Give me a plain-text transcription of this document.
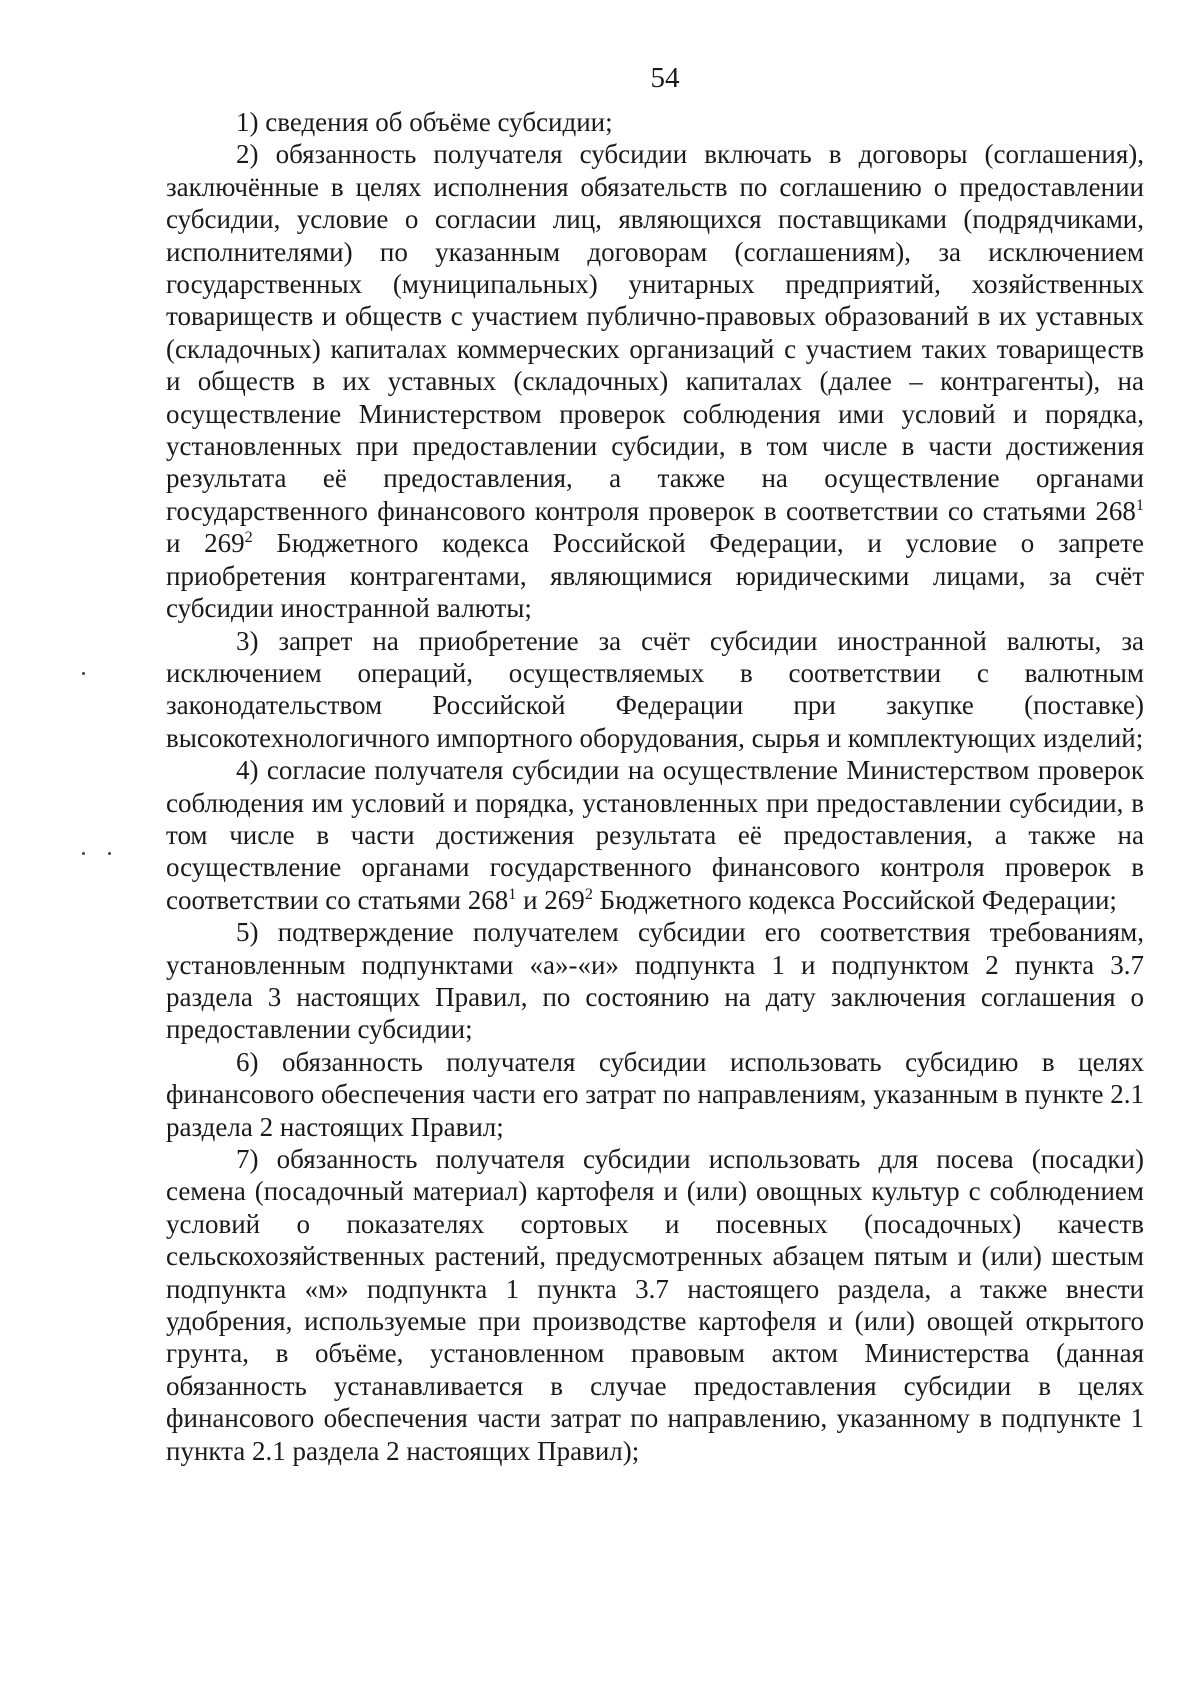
54

1) сведения об объёме субсидии;

2) обязанность получателя субсидии включать в договоры (соглашения), заключённые в целях исполнения обязательств по соглашению о предоставлении субсидии, условие о согласии лиц, являющихся поставщиками (подрядчиками, исполнителями) по указанным договорам (соглашениям), за исключением государственных (муниципальных) унитарных предприятий, хозяйственных товариществ и обществ с участием публично-правовых образований в их уставных (складочных) капиталах коммерческих организаций с участием таких товариществ и обществ в их уставных (складочных) капиталах (далее – контрагенты), на осуществление Министерством проверок соблюдения ими условий и порядка, установленных при предоставлении субсидии, в том числе в части достижения результата её предоставления, а также на осуществление органами государственного финансового контроля проверок в соответствии со статьями $268^1$ и $269^2$ Бюджетного кодекса Российской Федерации, и условие о запрете приобретения контрагентами, являющимися юридическими лицами, за счёт субсидии иностранной валюты;

3) запрет на приобретение за счёт субсидии иностранной валюты, за исключением операций, осуществляемых в соответствии с валютным законодательством Российской Федерации при закупке (поставке) высокотехнологичного импортного оборудования, сырья и комплектующих изделий;

4) согласие получателя субсидии на осуществление Министерством проверок соблюдения им условий и порядка, установленных при предоставлении субсидии, в том числе в части достижения результата её предоставления, а также на осуществление органами государственного финансового контроля проверок в соответствии со статьями $268^1$ и $269^2$ Бюджетного кодекса Российской Федерации;

5) подтверждение получателем субсидии его соответствия требованиям, установленным подпунктами «а»-«и» подпункта 1 и подпунктом 2 пункта 3.7 раздела 3 настоящих Правил, по состоянию на дату заключения соглашения о предоставлении субсидии;

6) обязанность получателя субсидии использовать субсидию в целях финансового обеспечения части его затрат по направлениям, указанным в пункте 2.1 раздела 2 настоящих Правил;

7) обязанность получателя субсидии использовать для посева (посадки) семена (посадочный материал) картофеля и (или) овощных культур с соблюдением условий о показателях сортовых и посевных (посадочных) качеств сельскохозяйственных растений, предусмотренных абзацем пятым и (или) шестым подпункта «м» подпункта 1 пункта 3.7 настоящего раздела, а также внести удобрения, используемые при производстве картофеля и (или) овощей открытого грунта, в объёме, установленном правовым актом Министерства (данная обязанность устанавливается в случае предоставления субсидии в целях финансового обеспечения части затрат по направлению, указанному в подпункте 1 пункта 2.1 раздела 2 настоящих Правил);
